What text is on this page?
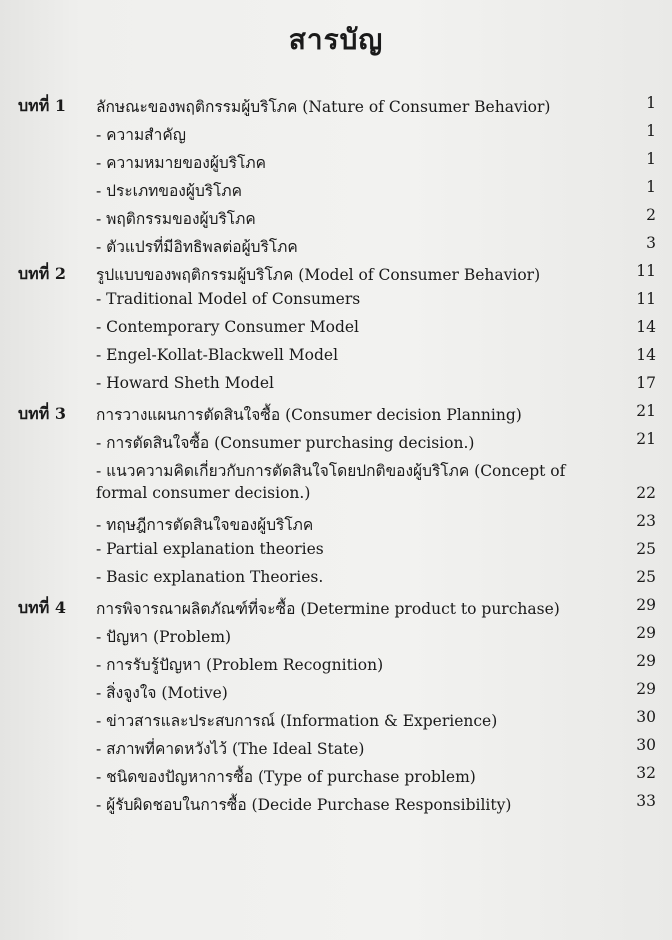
สารบัญ
บทที่ 1 ลักษณะของพฤติกรรมผู้บริโภค (Nature of Consumer Behavior)	1
- ความสำคัญ	1
- ความหมายของผู้บริโภค	1
- ประเภทของผู้บริโภค	1
- พฤติกรรมของผู้บริโภค	2
- ตัวแปรที่มีอิทธิพลต่อผู้บริโภค	3
บทที่ 2 รูปแบบของพฤติกรรมผู้บริโภค (Model of Consumer Behavior)	11
- Traditional Model of Consumers	11
- Contemporary Consumer Model	14
- Engel-Kollat-Blackwell Model	14
- Howard Sheth Model	17
บทที่ 3 การวางแผนการตัดสินใจซื้อ (Consumer decision Planning)	21
- การตัดสินใจซื้อ (Consumer purchasing decision.)	21
- แนวความคิดเกี่ยวกับการตัดสินใจโดยปกติของผู้บริโภค (Concept of
formal consumer decision.)	22
- ทฤษฎีการตัดสินใจของผู้บริโภค	23
- Partial explanation theories	25
- Basic explanation Theories.	25
บทที่ 4 การพิจารณาผลิตภัณฑ์ที่จะซื้อ (Determine product to purchase)	29
- ปัญหา (Problem)	29
- การรับรู้ปัญหา (Problem Recognition)	29
- สิ่งจูงใจ (Motive)	29
- ข่าวสารและประสบการณ์ (Information & Experience)	30
- สภาพที่คาดหวังไว้ (The Ideal State)	30
- ชนิดของปัญหาการซื้อ (Type of purchase problem)	32
- ผู้รับผิดชอบในการซื้อ (Decide Purchase Responsibility)	33
